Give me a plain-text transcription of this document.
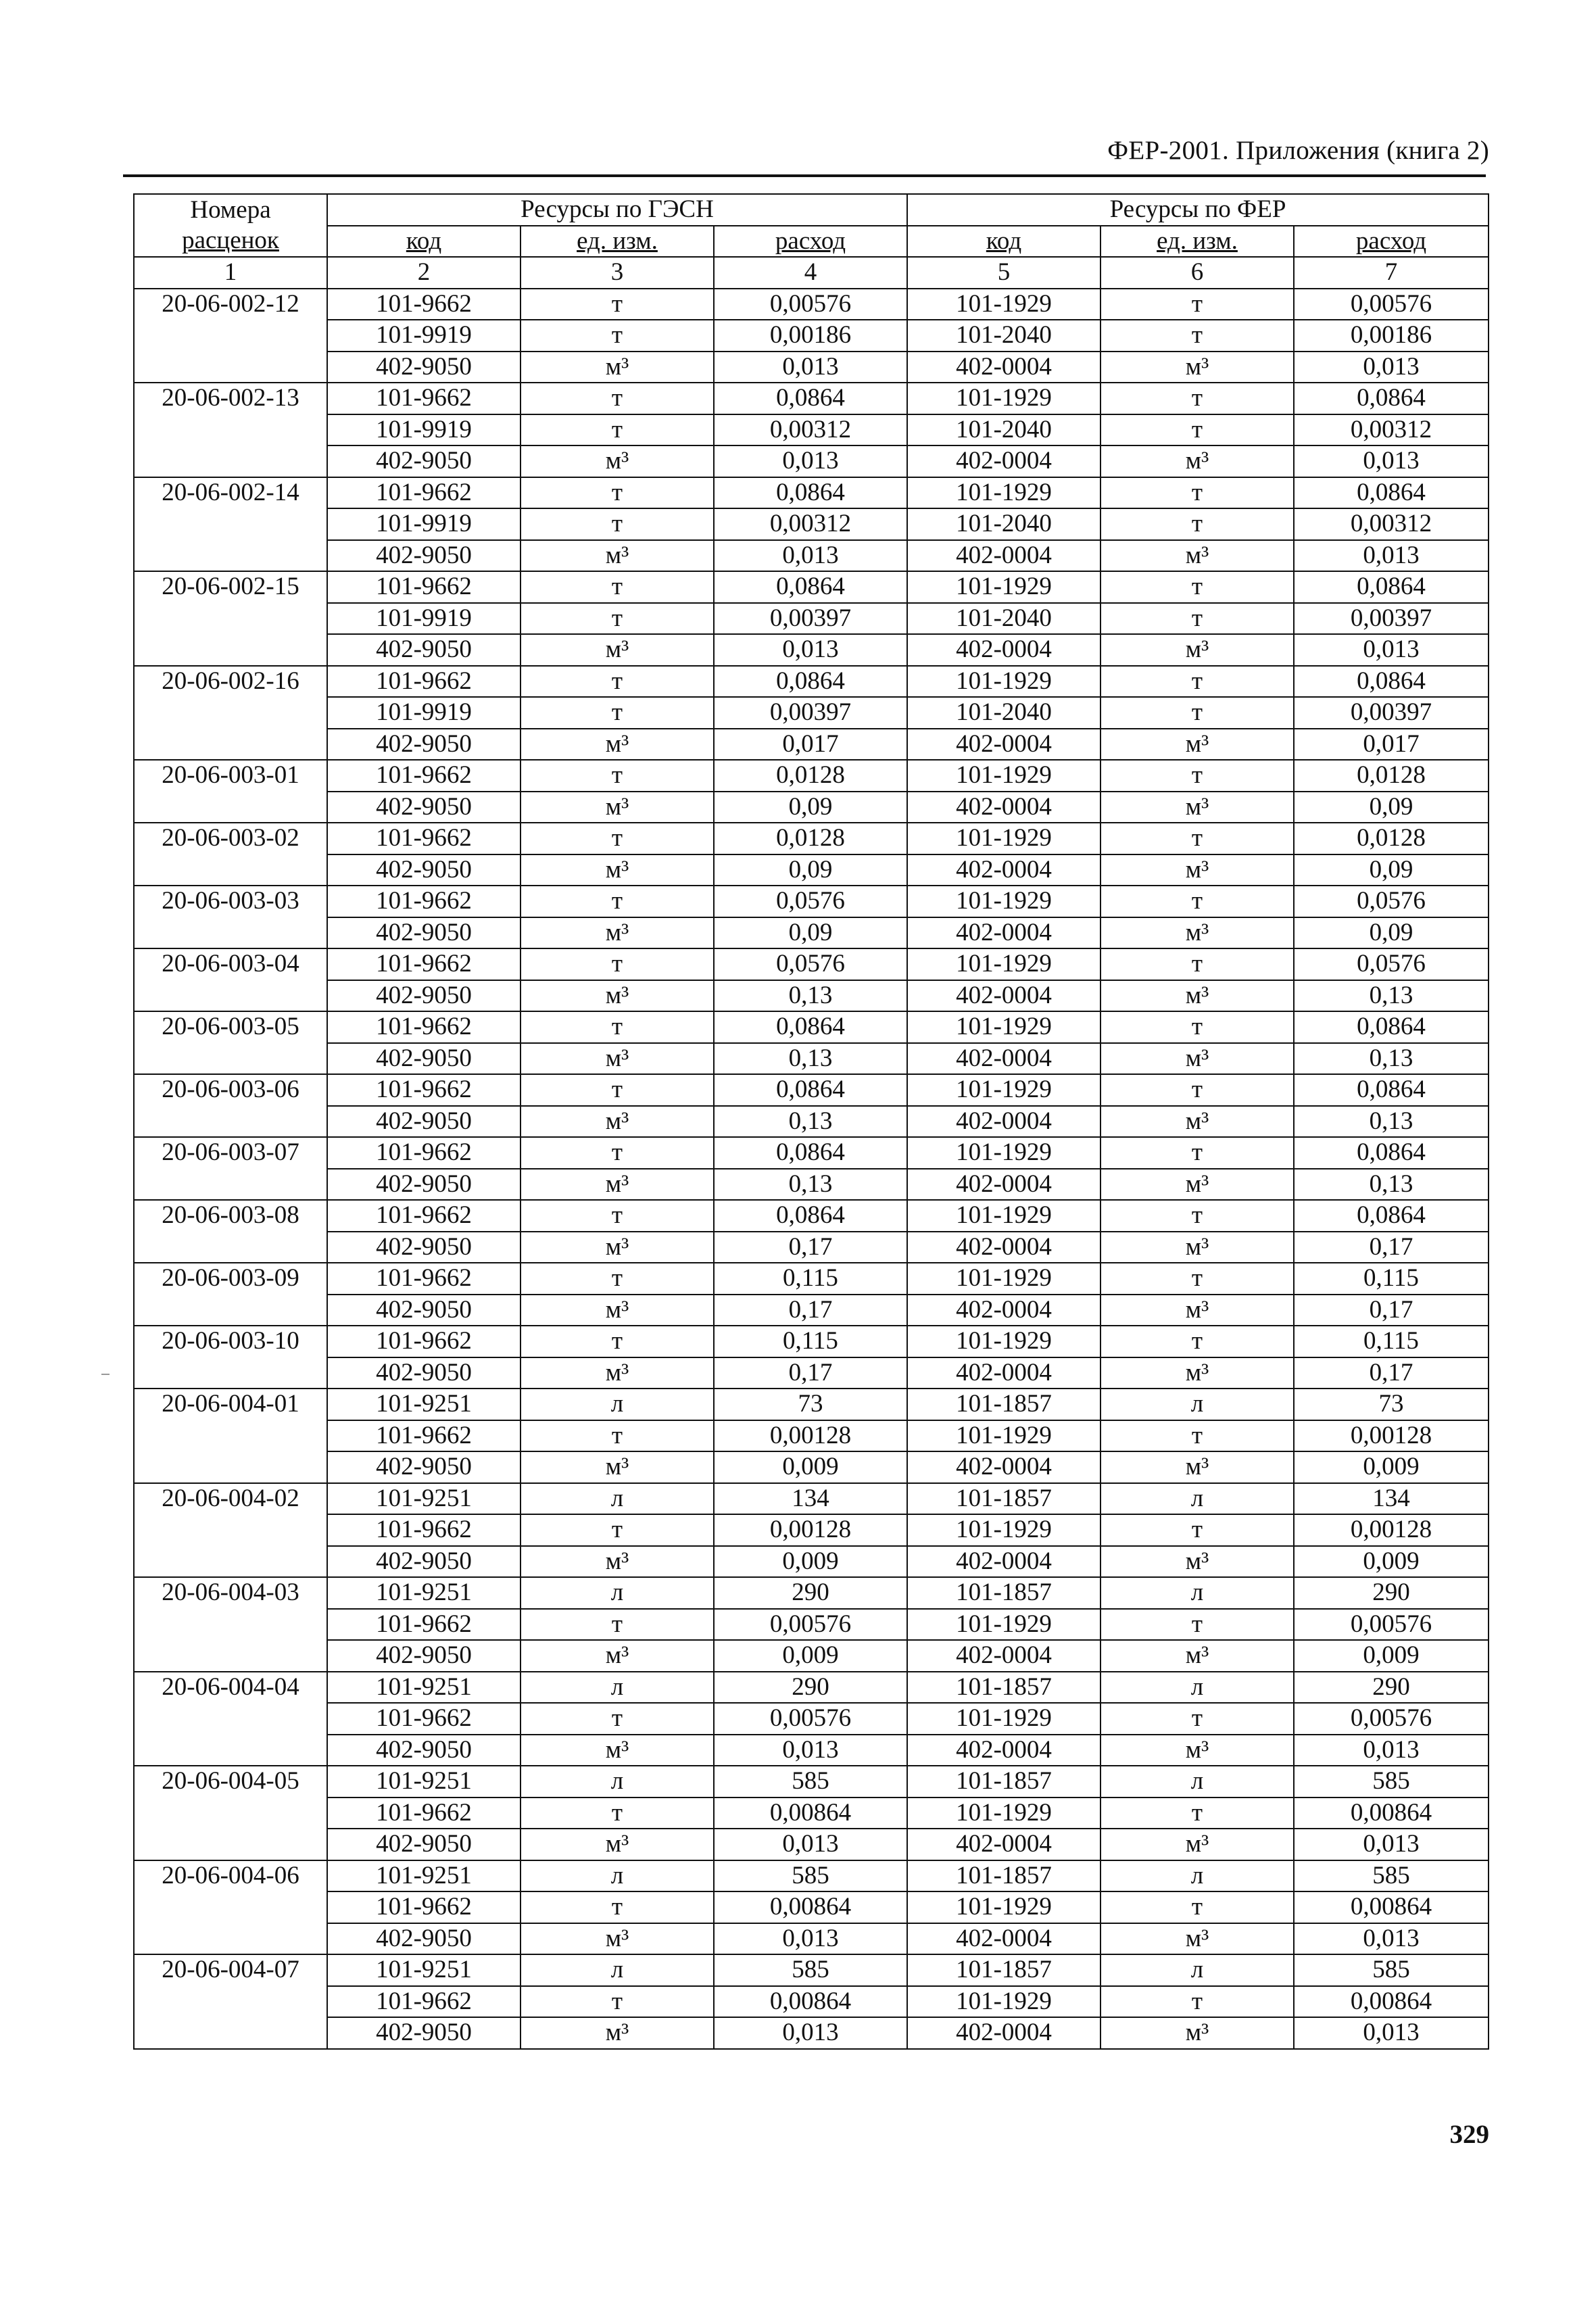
ФЕР-2001. Приложения (книга 2)
Номера	Ресурсы по ГЭСН			Ресурсы по ФЕР		
расценок	код	ед. изм.	расход	код	ед. изм.	расход
1	2	3	4	5	6	7
20-06-002-12	101-9662	т	0,00576	101-1929	т	0,00576
	101-9919	т	0,00186	101-2040	т	0,00186
	402-9050	м³	0,013	402-0004	м³	0,013
20-06-002-13	101-9662	т	0,0864	101-1929	т	0,0864
	101-9919	т	0,00312	101-2040	т	0,00312
	402-9050	м³	0,013	402-0004	м³	0,013
20-06-002-14	101-9662	т	0,0864	101-1929	т	0,0864
	101-9919	т	0,00312	101-2040	т	0,00312
	402-9050	м³	0,013	402-0004	м³	0,013
20-06-002-15	101-9662	т	0,0864	101-1929	т	0,0864
	101-9919	т	0,00397	101-2040	т	0,00397
	402-9050	м³	0,013	402-0004	м³	0,013
20-06-002-16	101-9662	т	0,0864	101-1929	т	0,0864
	101-9919	т	0,00397	101-2040	т	0,00397
	402-9050	м³	0,017	402-0004	м³	0,017
20-06-003-01	101-9662	т	0,0128	101-1929	т	0,0128
	402-9050	м³	0,09	402-0004	м³	0,09
20-06-003-02	101-9662	т	0,0128	101-1929	т	0,0128
	402-9050	м³	0,09	402-0004	м³	0,09
20-06-003-03	101-9662	т	0,0576	101-1929	т	0,0576
	402-9050	м³	0,09	402-0004	м³	0,09
20-06-003-04	101-9662	т	0,0576	101-1929	т	0,0576
	402-9050	м³	0,13	402-0004	м³	0,13
20-06-003-05	101-9662	т	0,0864	101-1929	т	0,0864
	402-9050	м³	0,13	402-0004	м³	0,13
20-06-003-06	101-9662	т	0,0864	101-1929	т	0,0864
	402-9050	м³	0,13	402-0004	м³	0,13
20-06-003-07	101-9662	т	0,0864	101-1929	т	0,0864
	402-9050	м³	0,13	402-0004	м³	0,13
20-06-003-08	101-9662	т	0,0864	101-1929	т	0,0864
	402-9050	м³	0,17	402-0004	м³	0,17
20-06-003-09	101-9662	т	0,115	101-1929	т	0,115
	402-9050	м³	0,17	402-0004	м³	0,17
20-06-003-10	101-9662	т	0,115	101-1929	т	0,115
	402-9050	м³	0,17	402-0004	м³	0,17
20-06-004-01	101-9251	л	73	101-1857	л	73
	101-9662	т	0,00128	101-1929	т	0,00128
	402-9050	м³	0,009	402-0004	м³	0,009
20-06-004-02	101-9251	л	134	101-1857	л	134
	101-9662	т	0,00128	101-1929	т	0,00128
	402-9050	м³	0,009	402-0004	м³	0,009
20-06-004-03	101-9251	л	290	101-1857	л	290
	101-9662	т	0,00576	101-1929	т	0,00576
	402-9050	м³	0,009	402-0004	м³	0,009
20-06-004-04	101-9251	л	290	101-1857	л	290
	101-9662	т	0,00576	101-1929	т	0,00576
	402-9050	м³	0,013	402-0004	м³	0,013
20-06-004-05	101-9251	л	585	101-1857	л	585
	101-9662	т	0,00864	101-1929	т	0,00864
	402-9050	м³	0,013	402-0004	м³	0,013
20-06-004-06	101-9251	л	585	101-1857	л	585
	101-9662	т	0,00864	101-1929	т	0,00864
	402-9050	м³	0,013	402-0004	м³	0,013
20-06-004-07	101-9251	л	585	101-1857	л	585
	101-9662	т	0,00864	101-1929	т	0,00864
	402-9050	м³	0,013	402-0004	м³	0,013
329
